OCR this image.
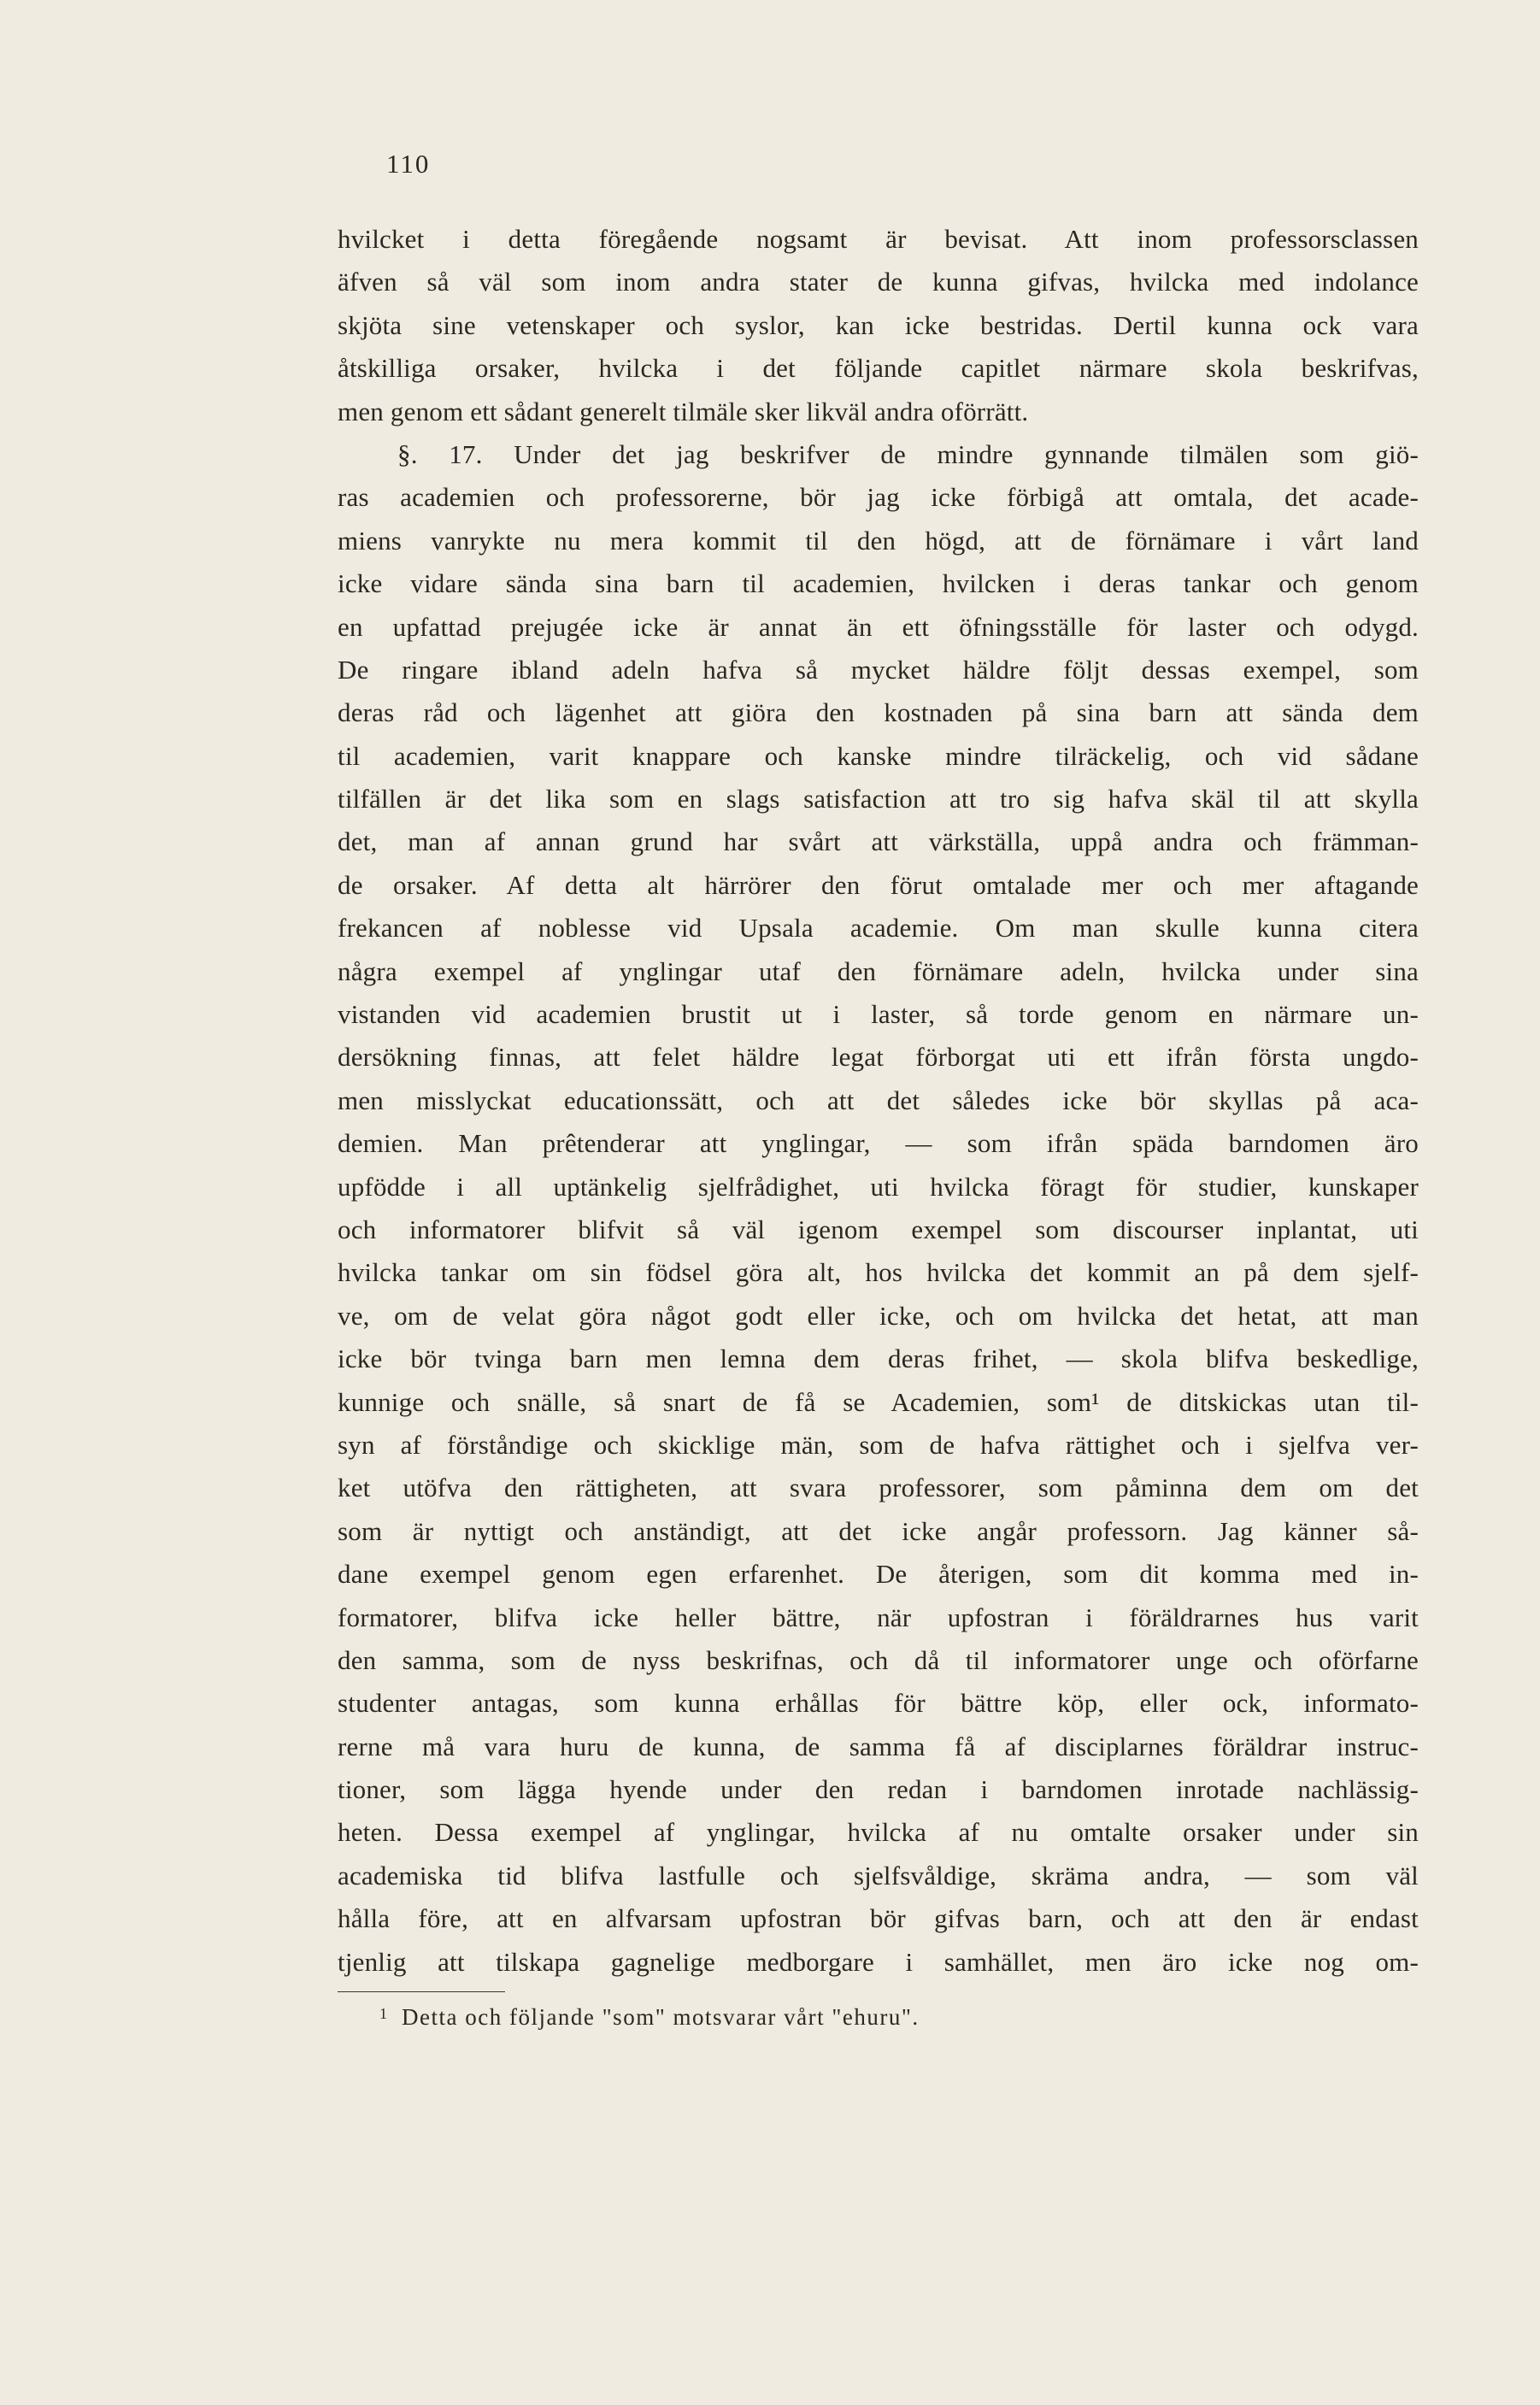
110
hvilcket i detta föregående nogsamt är bevisat. Att inom professorsclassen
äfven så väl som inom andra stater de kunna gifvas, hvilcka med indolance
skjöta sine vetenskaper och syslor, kan icke bestridas. Dertil kunna ock vara
åtskilliga orsaker, hvilcka i det följande capitlet närmare skola beskrifvas,
men genom ett sådant generelt tilmäle sker likväl andra oförrätt.
§. 17. Under det jag beskrifver de mindre gynnande tilmälen som giö-
ras academien och professorerne, bör jag icke förbigå att omtala, det acade-
miens vanrykte nu mera kommit til den högd, att de förnämare i vårt land
icke vidare sända sina barn til academien, hvilcken i deras tankar och genom
en upfattad prejugée icke är annat än ett öfningsställe för laster och odygd.
De ringare ibland adeln hafva så mycket häldre följt dessas exempel, som
deras råd och lägenhet att giöra den kostnaden på sina barn att sända dem
til academien, varit knappare och kanske mindre tilräckelig, och vid sådane
tilfällen är det lika som en slags satisfaction att tro sig hafva skäl til att skylla
det, man af annan grund har svårt att värkställa, uppå andra och främman-
de orsaker. Af detta alt härrörer den förut omtalade mer och mer aftagande
frekancen af noblesse vid Upsala academie. Om man skulle kunna citera
några exempel af ynglingar utaf den förnämare adeln, hvilcka under sina
vistanden vid academien brustit ut i laster, så torde genom en närmare un-
dersökning finnas, att felet häldre legat förborgat uti ett ifrån första ungdo-
men misslyckat educationssätt, och att det således icke bör skyllas på aca-
demien. Man prêtenderar att ynglingar, — som ifrån späda barndomen äro
upfödde i all uptänkelig sjelfrådighet, uti hvilcka föragt för studier, kunskaper
och informatorer blifvit så väl igenom exempel som discourser inplantat, uti
hvilcka tankar om sin födsel göra alt, hos hvilcka det kommit an på dem sjelf-
ve, om de velat göra något godt eller icke, och om hvilcka det hetat, att man
icke bör tvinga barn men lemna dem deras frihet, — skola blifva beskedlige,
kunnige och snälle, så snart de få se Academien, som¹ de ditskickas utan til-
syn af förståndige och skicklige män, som de hafva rättighet och i sjelfva ver-
ket utöfva den rättigheten, att svara professorer, som påminna dem om det
som är nyttigt och anständigt, att det icke angår professorn. Jag känner så-
dane exempel genom egen erfarenhet. De återigen, som dit komma med in-
formatorer, blifva icke heller bättre, när upfostran i föräldrarnes hus varit
den samma, som de nyss beskrifnas, och då til informatorer unge och oförfarne
studenter antagas, som kunna erhållas för bättre köp, eller ock, informato-
rerne må vara huru de kunna, de samma få af disciplarnes föräldrar instruc-
tioner, som lägga hyende under den redan i barndomen inrotade nachlässig-
heten. Dessa exempel af ynglingar, hvilcka af nu omtalte orsaker under sin
academiska tid blifva lastfulle och sjelfsvåldige, skräma andra, — som väl
hålla före, att en alfvarsam upfostran bör gifvas barn, och att den är endast
tjenlig att tilskapa gagnelige medborgare i samhället, men äro icke nog om-
1 Detta och följande "som" motsvarar vårt "ehuru".
